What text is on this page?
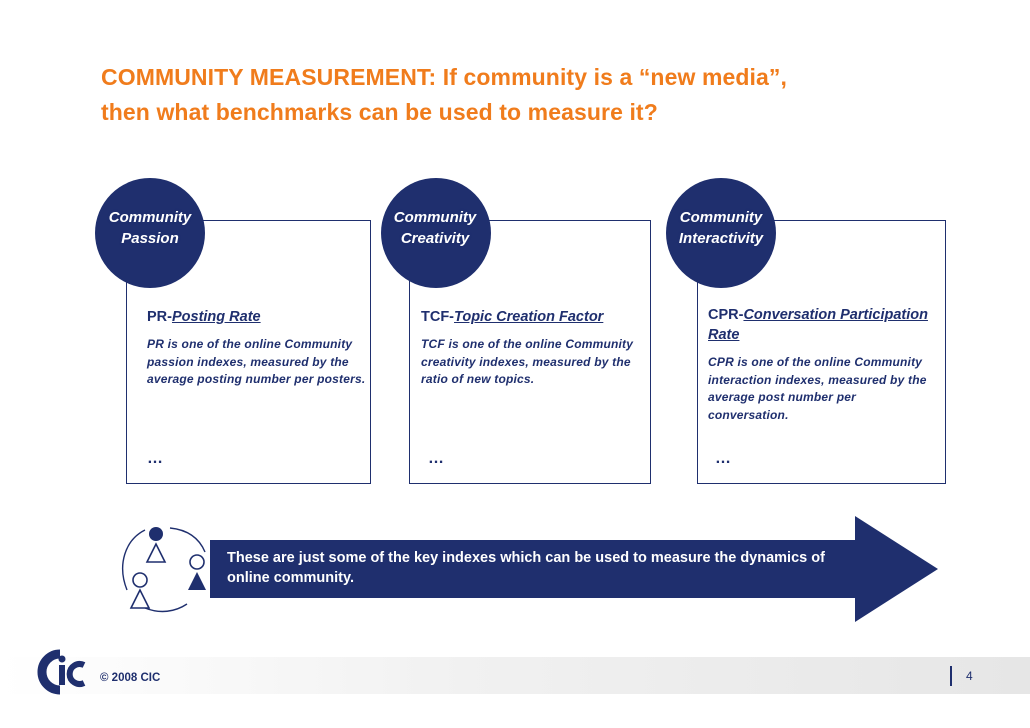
COMMUNITY MEASUREMENT: If community is a “new media”,
then what benchmarks can be used to measure it?
Community
Passion
Community
Creativity
Community
Interactivity
PR-Posting Rate
PR is one of the online Community passion indexes, measured by the average posting number per posters.
…
TCF-Topic Creation Factor
TCF is one of the online Community creativity indexes, measured by the ratio of new topics.
…
CPR-Conversation Participation Rate
CPR is one of the online Community interaction indexes, measured by the average post number per conversation.
…
These are just some of the key indexes which can be used to measure the dynamics of online community.
© 2008 CIC	4
